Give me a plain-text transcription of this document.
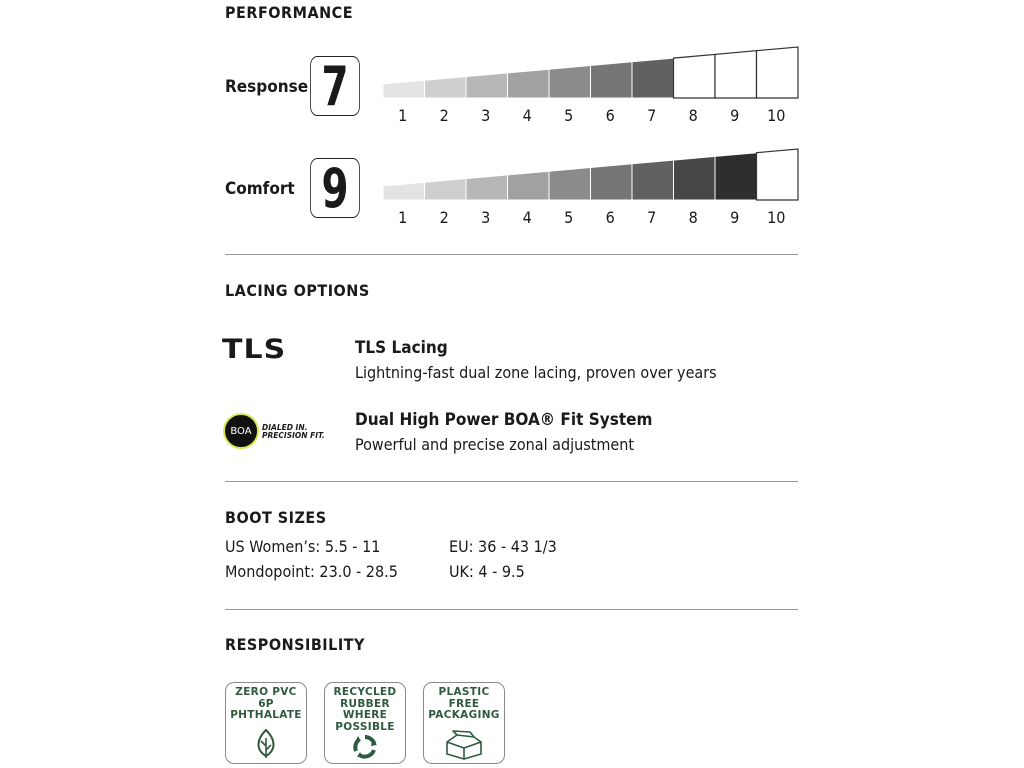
PERFORMANCE
Response 7	1 2 3 4 5 6 7 8 9 10
Comfort 9	1 2 3 4 5 6 7 8 9 10
LACING OPTIONS
TLS	TLS Lacing
Lightning-fast dual zone lacing, proven over years
BOA	DIALED IN.
PRECISION FIT.
Dual High Power BOA® Fit System
Powerful and precise zonal adjustment
BOOT SIZES
US Women’s: 5.5 - 11	EU: 36 - 43 1/3
Mondopoint: 23.0 - 28.5	UK: 4 - 9.5
RESPONSIBILITY
ZERO PVC
6P
PHTHALATE
RECYCLED
RUBBER
WHERE
POSSIBLE
PLASTIC
FREE
PACKAGING
